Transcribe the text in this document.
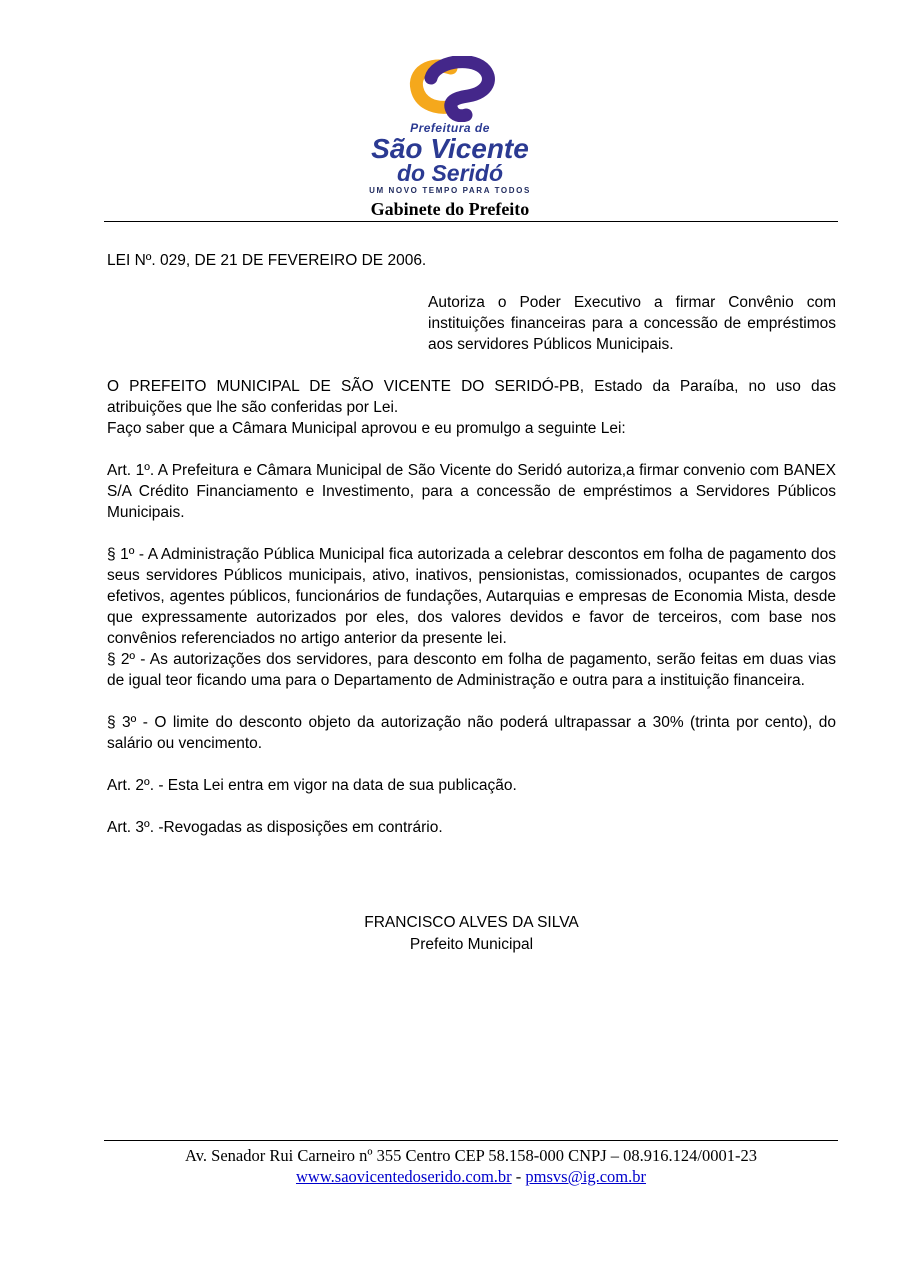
Prefeitura de
São Vicente
do Seridó
UM NOVO TEMPO PARA TODOS
Gabinete do Prefeito
LEI Nº. 029, DE 21 DE FEVEREIRO DE 2006.
Autoriza o Poder Executivo a firmar Convênio com instituições financeiras para a concessão de empréstimos aos servidores Públicos Municipais.
O PREFEITO MUNICIPAL DE SÃO VICENTE DO SERIDÓ-PB, Estado da Paraíba, no uso das atribuições que lhe são conferidas por Lei.
Faço saber que a Câmara Municipal aprovou e eu promulgo a seguinte Lei:
Art. 1º. A Prefeitura e Câmara Municipal de São Vicente do Seridó autoriza,a firmar convenio com BANEX S/A Crédito Financiamento e Investimento, para a concessão de empréstimos a Servidores Públicos Municipais.
§ 1º - A Administração Pública Municipal fica autorizada a celebrar descontos em folha de pagamento dos seus servidores Públicos municipais, ativo, inativos, pensionistas, comissionados, ocupantes de cargos efetivos, agentes públicos, funcionários de fundações, Autarquias e empresas de Economia Mista, desde que expressamente autorizados por eles, dos valores devidos e favor de terceiros, com base nos convênios referenciados no artigo anterior da presente lei.
§ 2º - As autorizações dos servidores, para desconto em folha de pagamento, serão feitas em duas vias de igual teor ficando uma para o Departamento de Administração e outra para a instituição financeira.
§ 3º - O limite do desconto objeto da autorização não poderá ultrapassar a 30% (trinta por cento), do salário ou vencimento.
Art. 2º. - Esta Lei entra em vigor na data de sua publicação.
Art. 3º. -Revogadas as disposições em contrário.
FRANCISCO ALVES DA SILVA
Prefeito Municipal
Av. Senador Rui Carneiro nº 355 Centro CEP 58.158-000 CNPJ – 08.916.124/0001-23
www.saovicentedoserido.com.br - pmsvs@ig.com.br
